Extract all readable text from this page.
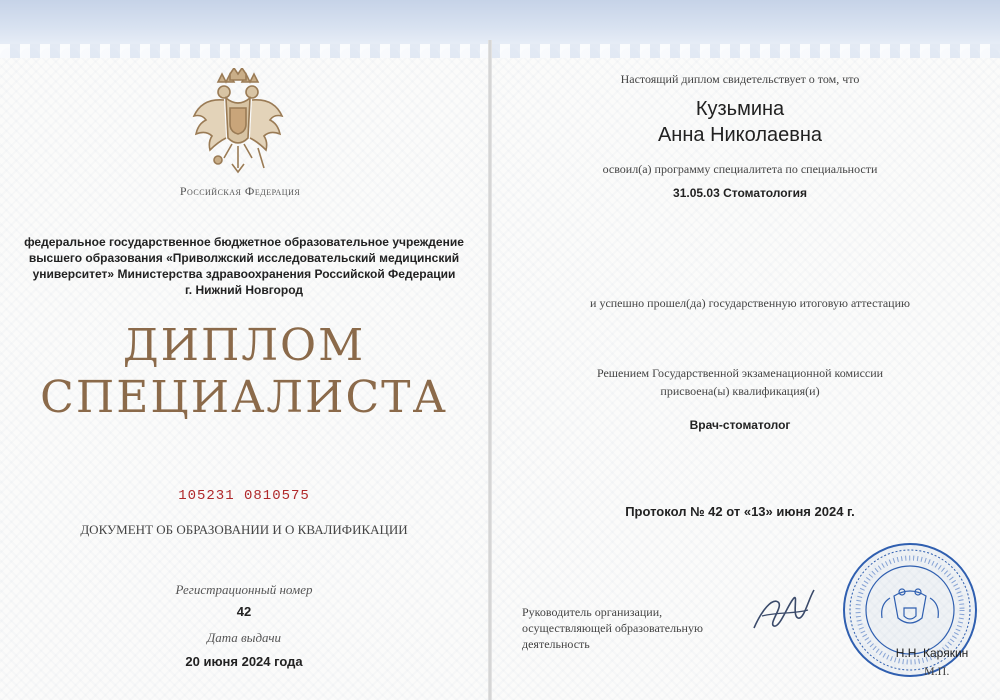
Российская Федерация
федеральное государственное бюджетное образовательное учреждение
высшего образования «Приволжский исследовательский медицинский
университет» Министерства здравоохранения Российской Федерации
г. Нижний Новгород
ДИПЛОМ
СПЕЦИАЛИСТА
105231 0810575
ДОКУМЕНТ ОБ ОБРАЗОВАНИИ И О КВАЛИФИКАЦИИ
Регистрационный номер
42
Дата выдачи
20 июня 2024 года
Настоящий диплом свидетельствует о том, что
Кузьмина
Анна Николаевна
освоил(а) программу специалитета по специальности
31.05.03 Стоматология
и успешно прошел(да) государственную итоговую аттестацию
Решением Государственной экзаменационной комиссии
присвоена(ы) квалификация(и)
Врач-стоматолог
Протокол № 42 от «13» июня 2024 г.
Руководитель организации,
осуществляющей образовательную
деятельность
Н.Н. Карякин
М.П.
